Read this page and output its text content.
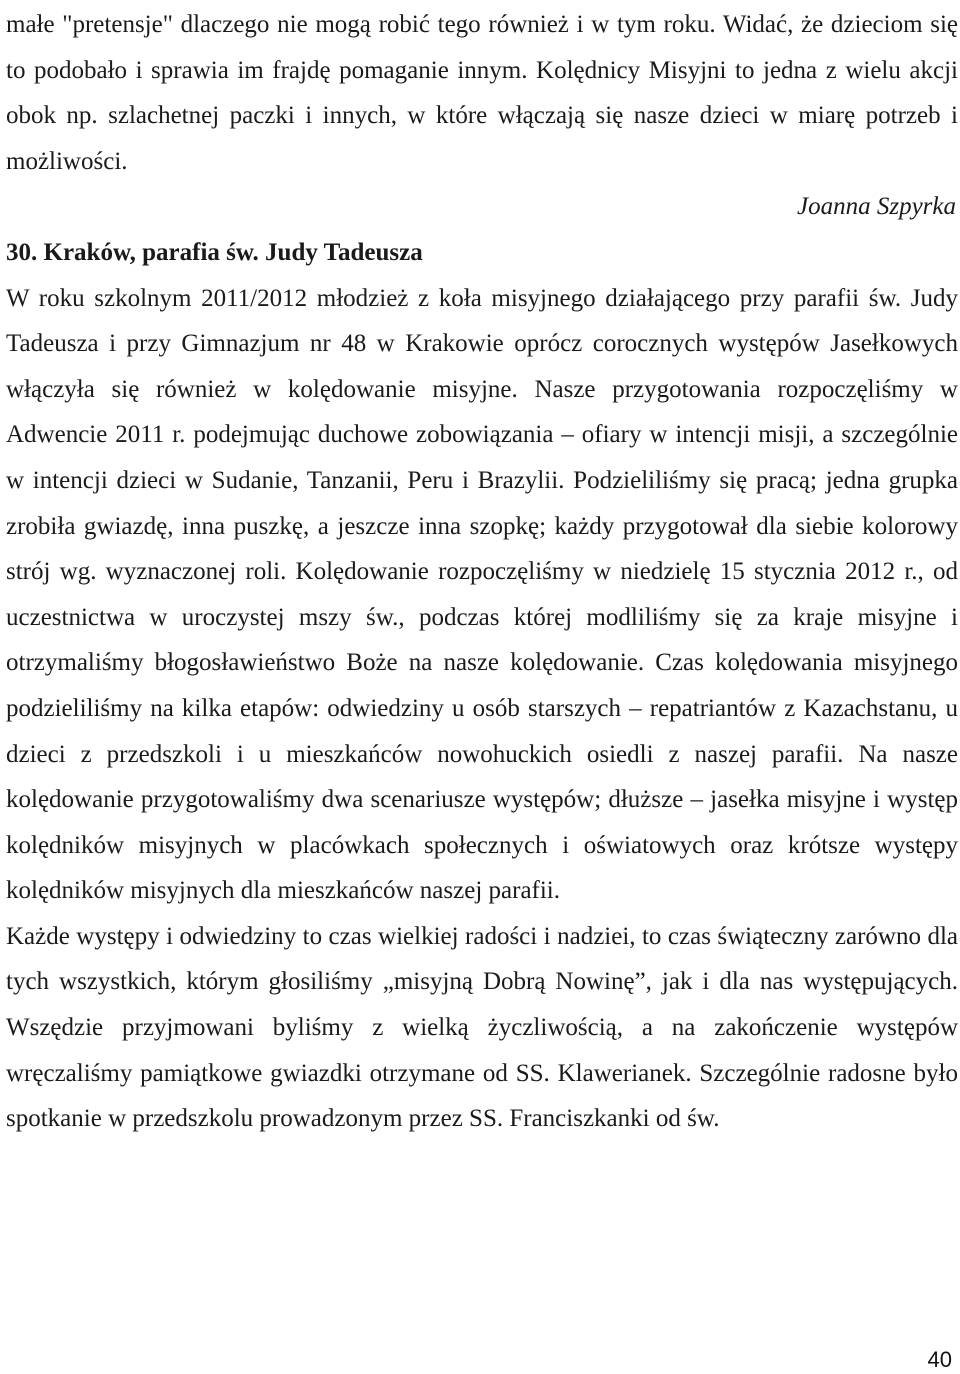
małe "pretensje" dlaczego nie mogą robić tego również i w tym roku. Widać, że dzieciom się to podobało i sprawia im frajdę pomaganie innym. Kolędnicy Misyjni to jedna z wielu akcji obok np. szlachetnej paczki i innych, w które włączają się nasze dzieci w miarę potrzeb i możliwości.

Joanna Szpyrka

30. Kraków, parafia św. Judy Tadeusza

W roku szkolnym 2011/2012 młodzież z koła misyjnego działającego przy parafii św. Judy Tadeusza i przy Gimnazjum nr 48 w Krakowie oprócz corocznych występów Jasełkowych włączyła się również w kolędowanie misyjne. Nasze przygotowania rozpoczęliśmy w Adwencie 2011 r. podejmując duchowe zobowiązania – ofiary w intencji misji, a szczególnie w intencji dzieci w Sudanie, Tanzanii, Peru i Brazylii. Podzieliliśmy się pracą; jedna grupka zrobiła gwiazdę, inna puszkę, a jeszcze inna szopkę; każdy przygotował dla siebie kolorowy strój wg. wyznaczonej roli. Kolędowanie rozpoczęliśmy w niedzielę 15 stycznia 2012 r., od uczestnictwa w uroczystej mszy św., podczas której modliliśmy się za kraje misyjne i otrzymaliśmy błogosławieństwo Boże na nasze kolędowanie. Czas kolędowania misyjnego podzieliliśmy na kilka etapów: odwiedziny u osób starszych – repatriantów z Kazachstanu, u dzieci z przedszkoli i u mieszkańców nowohuckich osiedli z naszej parafii. Na nasze kolędowanie przygotowaliśmy dwa scenariusze występów; dłuższe – jasełka misyjne i występ kolędników misyjnych w placówkach społecznych i oświatowych oraz krótsze występy kolędników misyjnych dla mieszkańców naszej parafii.

Każde występy i odwiedziny to czas wielkiej radości i nadziei, to czas świąteczny zarówno dla tych wszystkich, którym głosiliśmy „misyjną Dobrą Nowinę”, jak i dla nas występujących. Wszędzie przyjmowani byliśmy z wielką życzliwością, a na zakończenie występów wręczaliśmy pamiątkowe gwiazdki otrzymane od SS. Klawerianek. Szczególnie radosne było spotkanie w przedszkolu prowadzonym przez SS. Franciszkanki od św.

40
